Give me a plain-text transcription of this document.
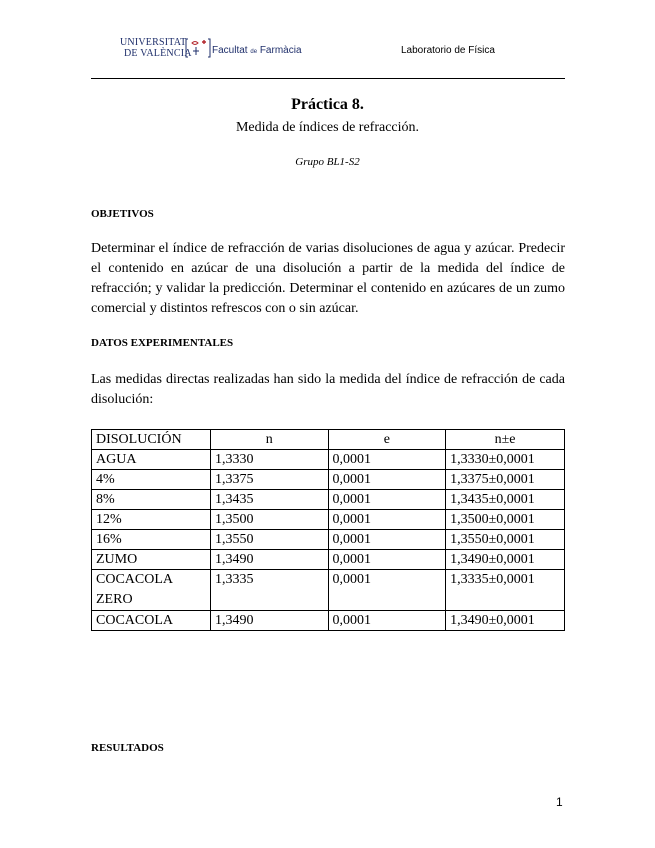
UNIVERSITAT
DE VALÈNCIA Facultat de Farmàcia	Laboratorio de Física
Práctica 8.
Medida de índices de refracción.
Grupo BL1-S2
OBJETIVOS
Determinar el índice de refracción de varias disoluciones de agua y azúcar. Predecir el contenido en azúcar de una disolución a partir de la medida del índice de refracción; y validar la predicción. Determinar el contenido en azúcares de un zumo comercial y distintos refrescos con o sin azúcar.
DATOS EXPERIMENTALES
Las medidas directas realizadas han sido la medida del índice de refracción de cada disolución:
DISOLUCIÓN	n	e	n±e
AGUA	1,3330	0,0001	1,3330±0,0001
4%	1,3375	0,0001	1,3375±0,0001
8%	1,3435	0,0001	1,3435±0,0001
12%	1,3500	0,0001	1,3500±0,0001
16%	1,3550	0,0001	1,3550±0,0001
ZUMO	1,3490	0,0001	1,3490±0,0001

COCACOLA ZERO	1,3335	0,0001	1,3335±0,0001
COCACOLA	1,3490	0,0001	1,3490±0,0001
RESULTADOS
1
